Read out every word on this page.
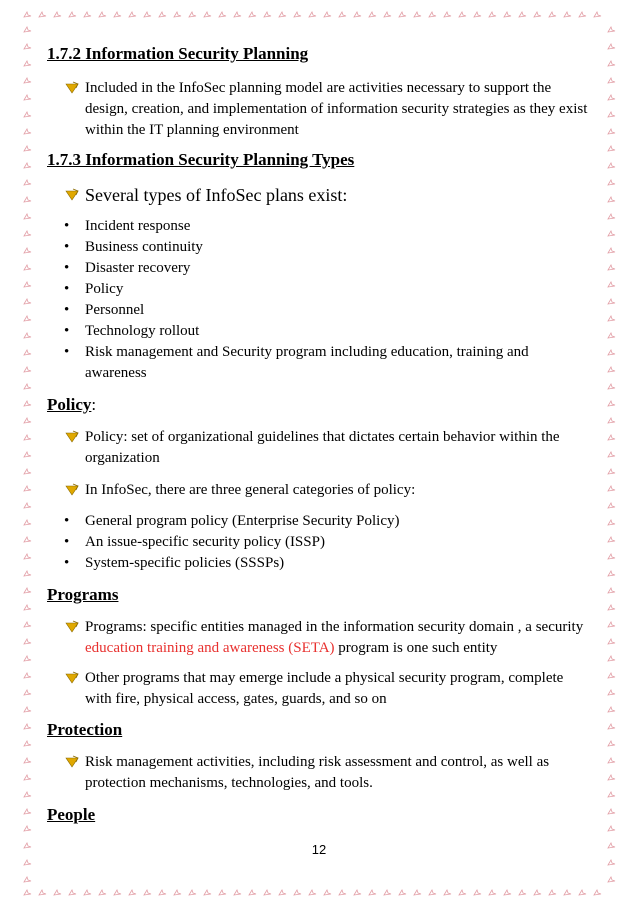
1.7.2 Information Security Planning
Included in the InfoSec planning model are activities necessary to support the design, creation, and implementation of information security strategies as they exist within the IT planning environment
1.7.3 Information Security Planning Types
Several types of InfoSec plans exist:
•	Incident response
•	Business continuity
•	Disaster recovery
•	Policy
•	Personnel
•	Technology rollout
•	Risk management and Security program including education, training and awareness
Policy:
Policy: set of organizational guidelines that dictates certain behavior within the organization
In InfoSec, there are three general categories of policy:
•	General program policy (Enterprise Security Policy)
•	An issue-specific security policy (ISSP)
•	System-specific policies (SSSPs)
Programs
Programs: specific entities managed in the information security domain , a security education training and awareness (SETA) program is one such entity
Other programs that may emerge include a physical security program, complete with fire, physical access, gates, guards, and so on
Protection
Risk management activities, including risk assessment and control, as well as protection mechanisms, technologies, and tools.
People
12
